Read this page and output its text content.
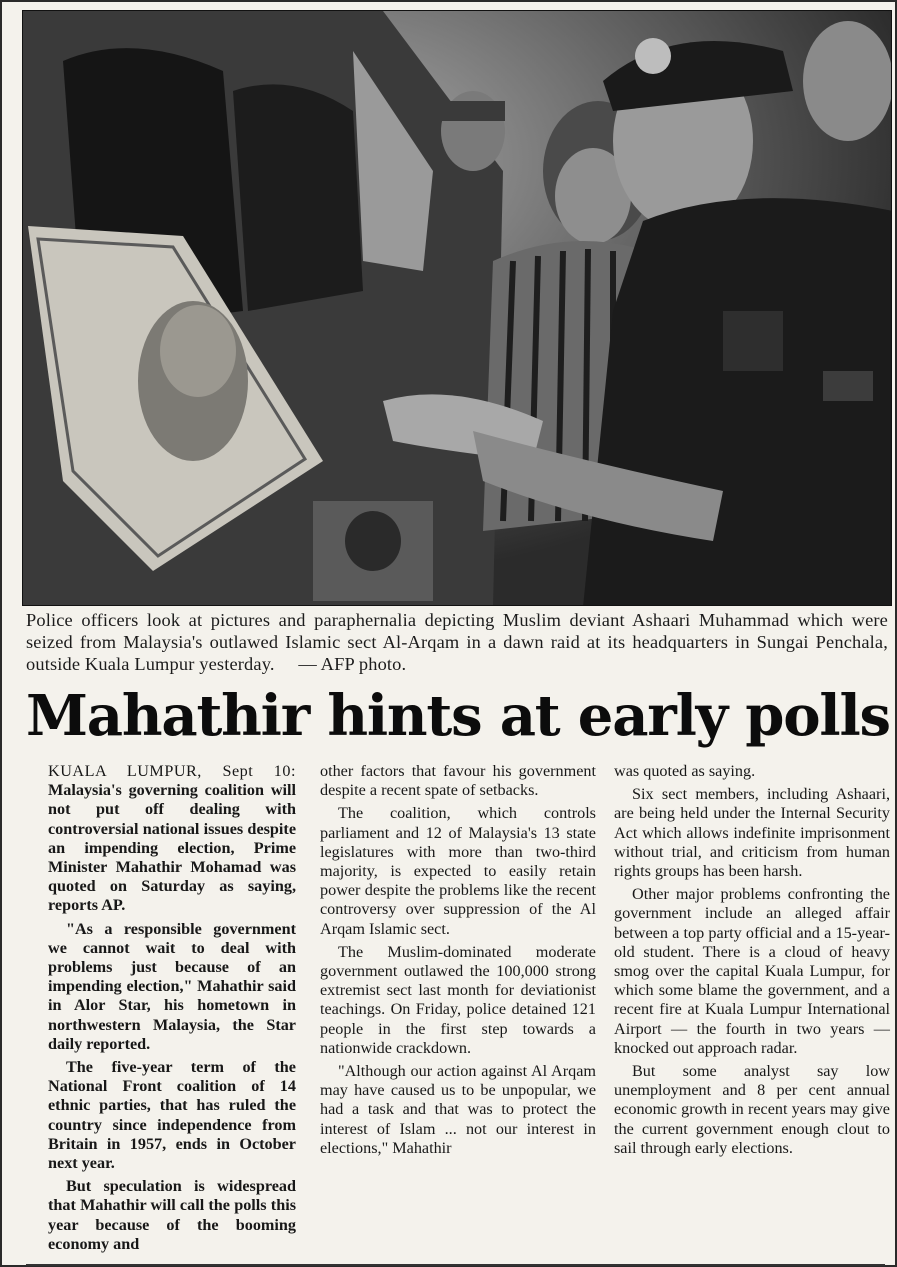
Police officers look at pictures and paraphernalia depicting Muslim deviant Ashaari Muhammad which were seized from Malaysia's outlawed Islamic sect Al-Arqam in a dawn raid at its headquarters in Sungai Penchala, outside Kuala Lumpur yesterday. — AFP photo.
Mahathir hints at early polls

KUALA LUMPUR, Sept 10: Malaysia's governing coalition will not put off dealing with controversial national issues despite an impending election, Prime Minister Mahathir Mohamad was quoted on Saturday as saying, reports AP.

"As a responsible government we cannot wait to deal with problems just because of an impending election," Mahathir said in Alor Star, his hometown in northwestern Malaysia, the Star daily reported.

The five-year term of the National Front coalition of 14 ethnic parties, that has ruled the country since independence from Britain in 1957, ends in October next year.

But speculation is widespread that Mahathir will call the polls this year because of the booming economy and

other factors that favour his government despite a recent spate of setbacks.

The coalition, which controls parliament and 12 of Malaysia's 13 state legislatures with more than two-third majority, is expected to easily retain power despite the problems like the recent controversy over suppression of the Al Arqam Islamic sect.

The Muslim-dominated moderate government outlawed the 100,000 strong extremist sect last month for deviationist teachings. On Friday, police detained 121 people in the first step towards a nationwide crackdown.

"Although our action against Al Arqam may have caused us to be unpopular, we had a task and that was to protect the interest of Islam ... not our interest in elections," Mahathir

was quoted as saying.

Six sect members, including Ashaari, are being held under the Internal Security Act which allows indefinite imprisonment without trial, and criticism from human rights groups has been harsh.

Other major problems confronting the government include an alleged affair between a top party official and a 15-year-old student. There is a cloud of heavy smog over the capital Kuala Lumpur, for which some blame the government, and a recent fire at Kuala Lumpur International Airport — the fourth in two years — knocked out approach radar.

But some analyst say low unemployment and 8 per cent annual economic growth in recent years may give the current government enough clout to sail through early elections.
